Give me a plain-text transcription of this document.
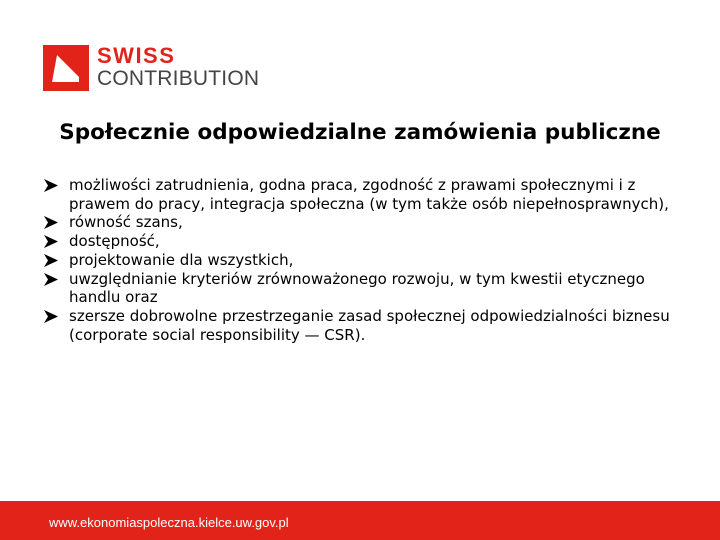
SWISS
CONTRIBUTION
Społecznie odpowiedzialne zamówienia publiczne
możliwości zatrudnienia, godna praca, zgodność z prawami społecznymi i z prawem do pracy, integracja społeczna (w tym także osób niepełnosprawnych),
równość szans,
dostępność,
projektowanie dla wszystkich,
uwzględnianie kryteriów zrównoważonego rozwoju, w tym kwestii etycznego handlu oraz
szersze dobrowolne przestrzeganie zasad społecznej odpowiedzialności biznesu (corporate social responsibility — CSR).
www.ekonomiaspoleczna.kielce.uw.gov.pl
